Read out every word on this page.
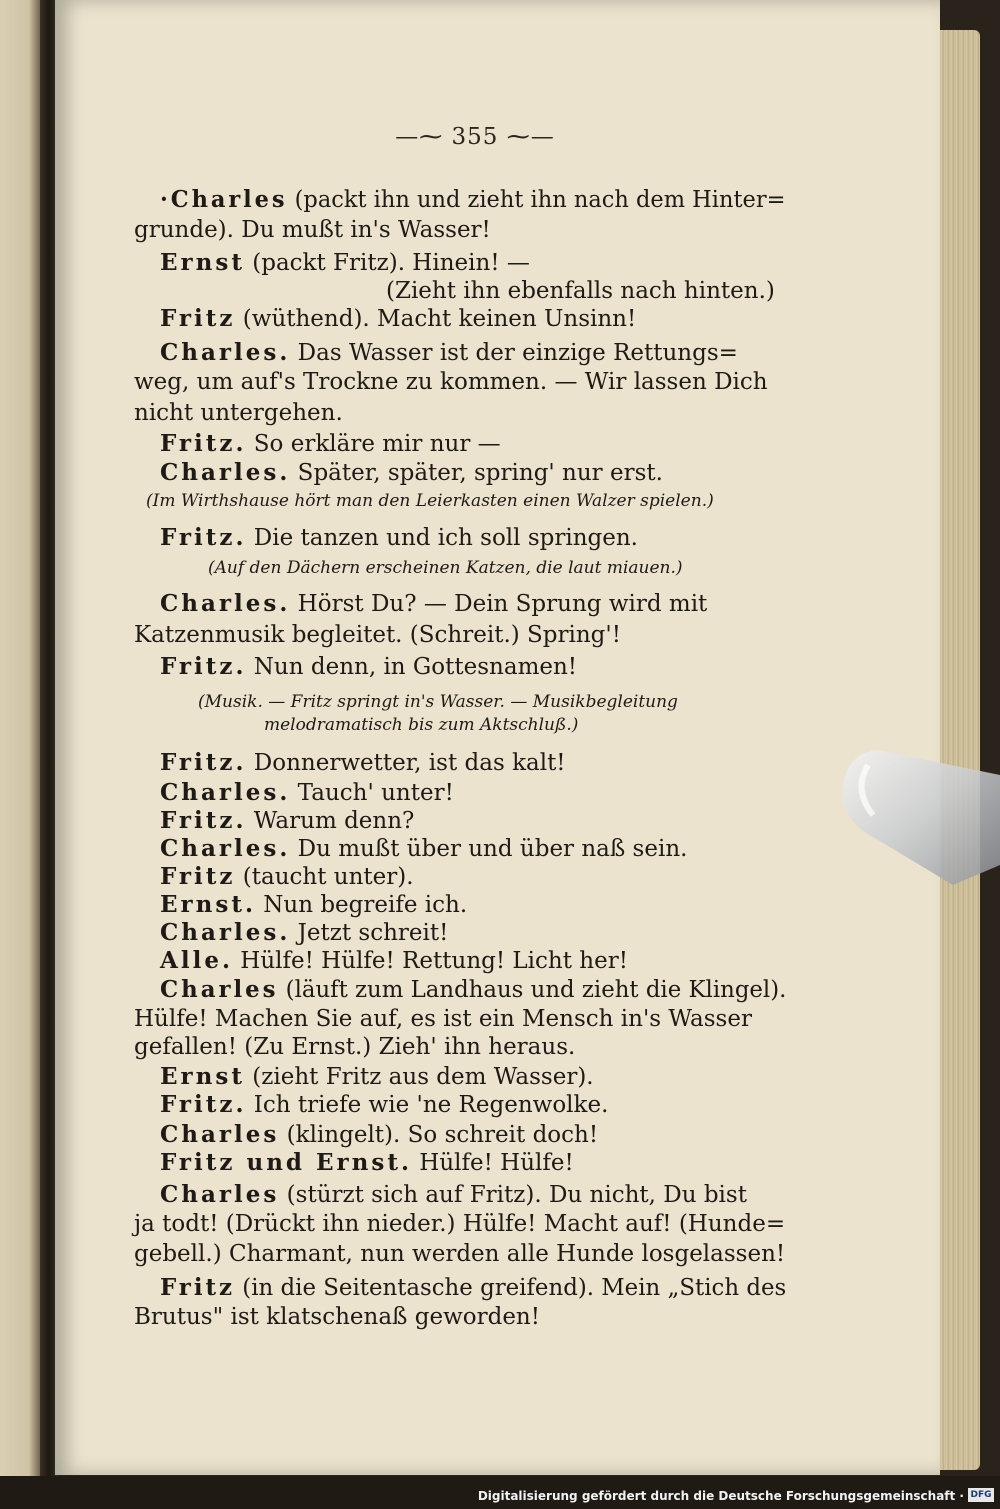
—⁓ 355 ⁓—
·Charles (packt ihn und zieht ihn nach dem Hinter=
grunde). Du mußt in's Wasser!
Ernst (packt Fritz). Hinein! —
(Zieht ihn ebenfalls nach hinten.)
Fritz (wüthend). Macht keinen Unsinn!
Charles. Das Wasser ist der einzige Rettungs=
weg, um auf's Trockne zu kommen. — Wir lassen Dich
nicht untergehen.
Fritz. So erkläre mir nur —
Charles. Später, später, spring' nur erst.
(Im Wirthshause hört man den Leierkasten einen Walzer spielen.)
Fritz. Die tanzen und ich soll springen.
(Auf den Dächern erscheinen Katzen, die laut miauen.)
Charles. Hörst Du? — Dein Sprung wird mit
Katzenmusik begleitet. (Schreit.) Spring'!
Fritz. Nun denn, in Gottesnamen!
(Musik. — Fritz springt in's Wasser. — Musikbegleitung
melodramatisch bis zum Aktschluß.)
Fritz. Donnerwetter, ist das kalt!
Charles. Tauch' unter!
Fritz. Warum denn?
Charles. Du mußt über und über naß sein.
Fritz (taucht unter).
Ernst. Nun begreife ich.
Charles. Jetzt schreit!
Alle. Hülfe! Hülfe! Rettung! Licht her!
Charles (läuft zum Landhaus und zieht die Klingel).
Hülfe! Machen Sie auf, es ist ein Mensch in's Wasser
gefallen! (Zu Ernst.) Zieh' ihn heraus.
Ernst (zieht Fritz aus dem Wasser).
Fritz. Ich triefe wie 'ne Regenwolke.
Charles (klingelt). So schreit doch!
Fritz und Ernst. Hülfe! Hülfe!
Charles (stürzt sich auf Fritz). Du nicht, Du bist
ja todt! (Drückt ihn nieder.) Hülfe! Macht auf! (Hunde=
gebell.) Charmant, nun werden alle Hunde losgelassen!
Fritz (in die Seitentasche greifend). Mein „Stich des
Brutus" ist klatschenaß geworden!
Digitalisierung gefördert durch die Deutsche Forschungsgemeinschaft · DFG
